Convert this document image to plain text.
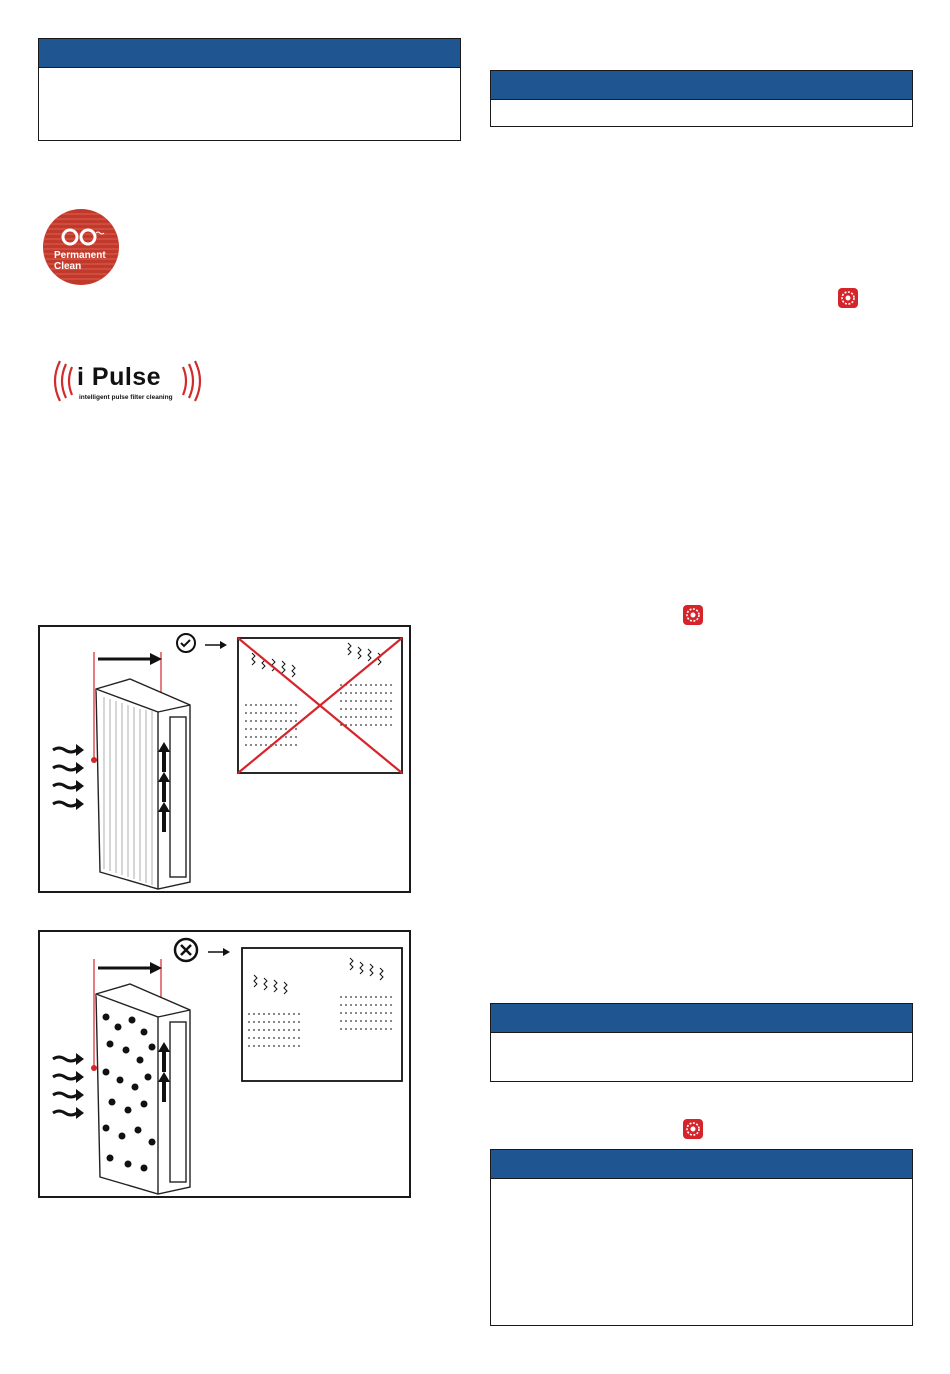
Permanent
Clean
i Pulse
intelligent pulse filter cleaning
